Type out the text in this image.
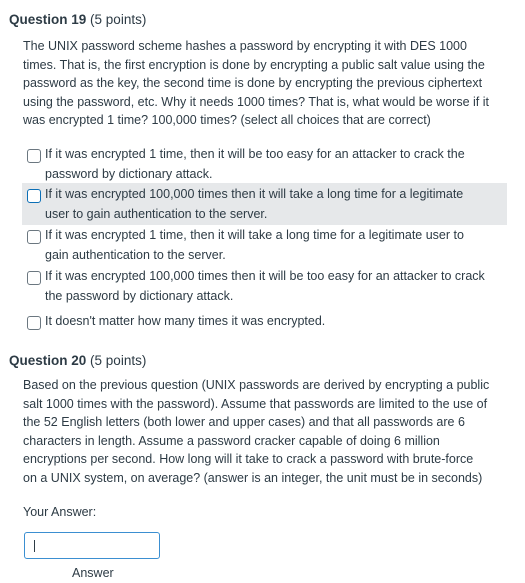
Question 19 (5 points)
The UNIX password scheme hashes a password by encrypting it with DES 1000
times. That is, the first encryption is done by encrypting a public salt value using the
password as the key, the second time is done by encrypting the previous ciphertext
using the password, etc. Why it needs 1000 times? That is, what would be worse if it
was encrypted 1 time? 100,000 times? (select all choices that are correct)
If it was encrypted 1 time, then it will be too easy for an attacker to crack the
password by dictionary attack.
If it was encrypted 100,000 times then it will take a long time for a legitimate
user to gain authentication to the server.
If it was encrypted 1 time, then it will take a long time for a legitimate user to
gain authentication to the server.
If it was encrypted 100,000 times then it will be too easy for an attacker to crack
the password by dictionary attack.
It doesn't matter how many times it was encrypted.
Question 20 (5 points)
Based on the previous question (UNIX passwords are derived by encrypting a public
salt 1000 times with the password). Assume that passwords are limited to the use of
the 52 English letters (both lower and upper cases) and that all passwords are 6
characters in length. Assume a password cracker capable of doing 6 million
encryptions per second. How long will it take to crack a password with brute-force
on a UNIX system, on average? (answer is an integer, the unit must be in seconds)
Your Answer:
Answer
